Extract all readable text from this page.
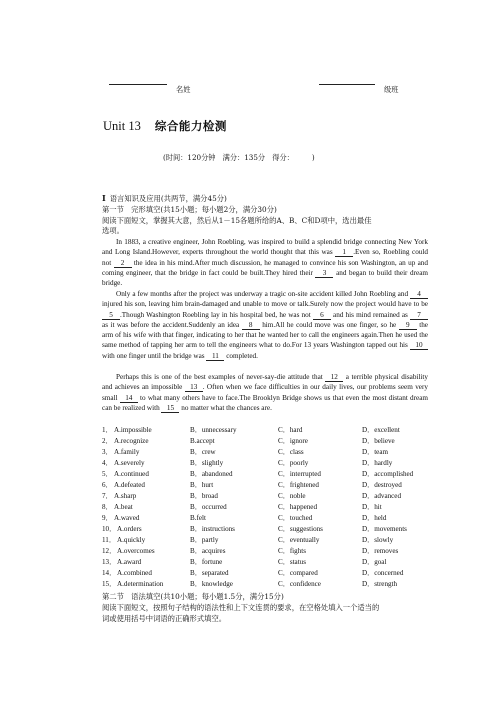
名姓	级班
Unit 13 综合能力检测
(时间：120分钟　满分：135分　得分：　　　)
Ⅰ 语言知识及应用(共两节，满分45分)
第一节　完形填空(共15小题；每小题2分，满分30分)
阅读下面短文，掌握其大意，然后从1－15各题所给的A、B、C和D项中，选出最佳
选项。
In 1883, a creative engineer, John Roebling, was inspired to build a splendid bridge connecting New York and Long Island.However, experts throughout the world thought that this was 1 .Even so, Roebling could not 2 the idea in his mind.After much discussion, he managed to convince his son Washington, an up and coming engineer, that the bridge in fact could be built.They hired their 3 and began to build their dream bridge.
Only a few months after the project was underway a tragic on-site accident killed John Roebling and 4 injured his son, leaving him brain-damaged and unable to move or talk.Surely now the project would have to be 5 .Though Washington Roebling lay in his hospital bed, he was not 6 and his mind remained as 7 as it was before the accident.Suddenly an idea 8 him.All he could move was one finger, so he 9 the arm of his wife with that finger, indicating to her that he wanted her to call the engineers again.Then he used the same method of tapping her arm to tell the engineers what to do.For 13 years Washington tapped out his 10 with one finger until the bridge was 11 completed.
Perhaps this is one of the best examples of never-say-die attitude that 12 a terrible physical disability and achieves an impossible 13 . Often when we face difficulties in our daily lives, our problems seem very small 14 to what many others have to face.The Brooklyn Bridge shows us that even the most distant dream can be realized with 15 no matter what the chances are.
1． A.impossible	B．unnecessary	C．hard	D．excellent
2． A.recognize	B.accept	C．ignore	D．believe
3． A.family	B．crew	C．class	D．team
4． A.severely	B．slightly	C．poorly	D．hardly
5． A.continued	B．abandoned	C．interrupted	D．accomplished
6． A.defeated	B．hurt	C．frightened	D．destroyed
7． A.sharp	B．broad	C．noble	D．advanced
8． A.beat	B．occurred	C．happened	D．hit
9． A.waved	B.felt	C．touched	D．held
10． A.orders	B．instructions	C．suggestions	D．movements
11． A.quickly	B．partly	C．eventually	D．slowly
12． A.overcomes	B．acquires	C．fights	D．removes
13． A.award	B．fortune	C．status	D．goal
14． A.combined	B．separated	C．compared	D．concerned
15． A.determination	B．knowledge	C．confidence	D．strength
第二节　语法填空(共10小题；每小题1.5分，满分15分)
阅读下面短文，按照句子结构的语法性和上下文连贯的要求，在空格处填入一个适当的
词或使用括号中词语的正确形式填空。
